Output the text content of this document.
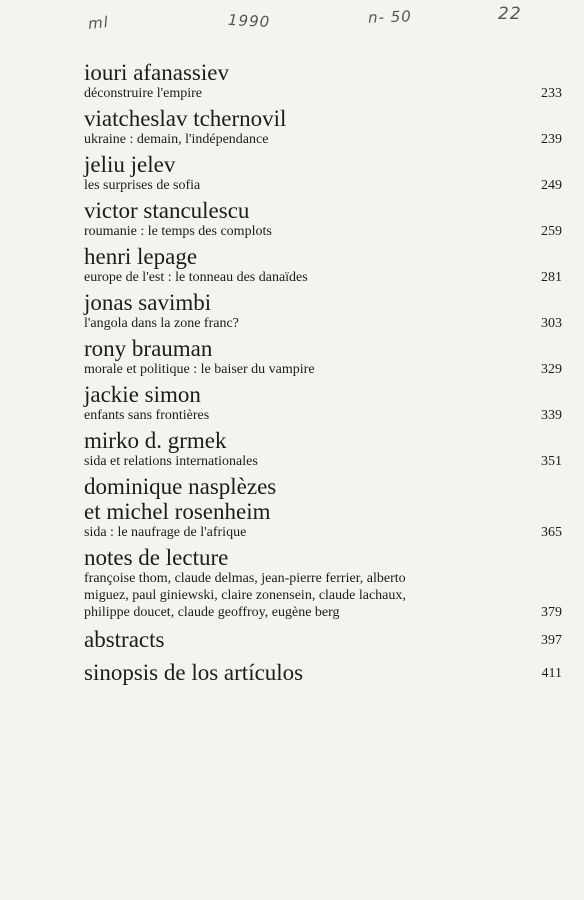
ml	1990	n- 50	22
iouri afanassiev
déconstruire l'empire	233
viatcheslav tchernovil
ukraine : demain, l'indépendance	239
jeliu jelev
les surprises de sofia	249
victor stanculescu
roumanie : le temps des complots	259
henri lepage
europe de l'est : le tonneau des danaïdes	281
jonas savimbi
l'angola dans la zone franc?	303
rony brauman
morale et politique : le baiser du vampire	329
jackie simon
enfants sans frontières	339
mirko d. grmek
sida et relations internationales	351
dominique nasplèzes
et michel rosenheim
sida : le naufrage de l'afrique	365
notes de lecture
françoise thom, claude delmas, jean-pierre ferrier, alberto
miguez, paul giniewski, claire zonensein, claude lachaux,
philippe doucet, claude geoffroy, eugène berg	379
abstracts	397
sinopsis de los artículos	411
